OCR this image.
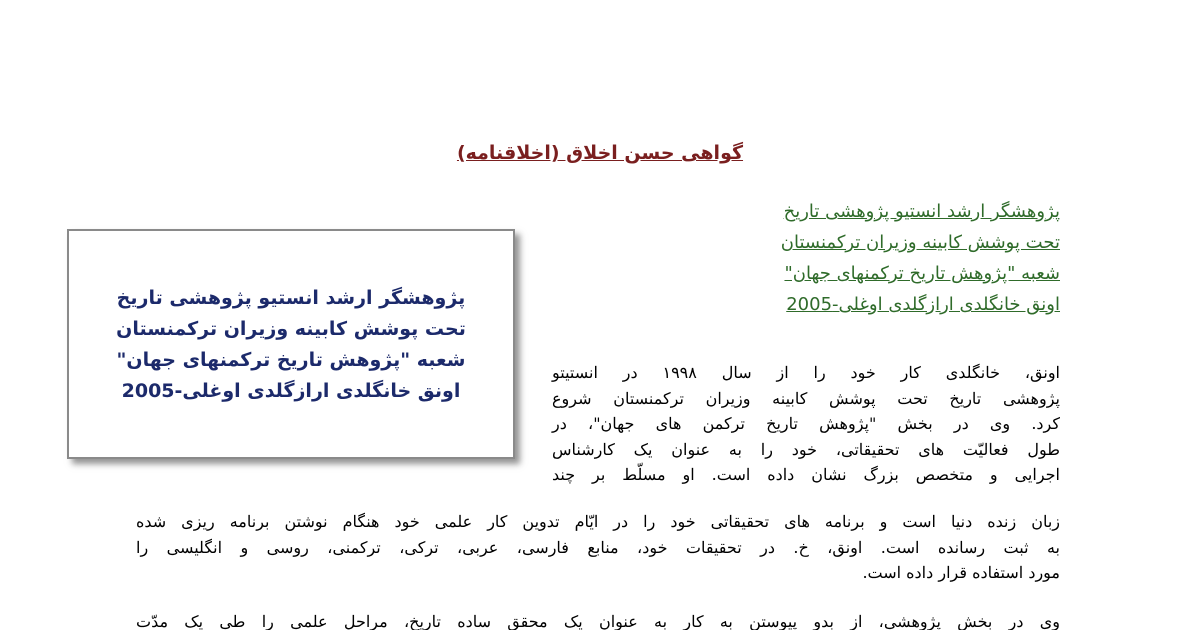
گواهی حسن اخلاق (اخلاقنامه)
پژوهشگر ارشد انستیو پژوهشی تاریخ
تحت پوشش کابینه وزیران ترکمنستان
شعبه "پژوهش تاریخ ترکمنهای جهان"
اونق خانگلدی ارازگلدی اوغلی-2005
پژوهشگر ارشد انستیو پژوهشی تاریخ
تحت پوشش کابینه وزیران ترکمنستان
شعبه "پژوهش تاریخ ترکمنهای جهان"
اونق خانگلدی ارازگلدی اوغلی-2005
اونق، خانگلدی کار خود را از سال ۱۹۹۸ در انستیتو
پژوهشی تاریخ تحت پوشش کابینه وزیران ترکمنستان شروع
کرد. وی در بخش "پژوهش تاریخ ترکمن های جهان"، در
طول فعالیّت های تحقیقاتی، خود را به عنوان یک کارشناس
اجرایی و متخصص بزرگ نشان داده است. او مسلّط بر چند
زبان زنده دنیا است و برنامه های تحقیقاتی خود را در ایّام تدوین کار علمی خود هنگام نوشتن برنامه ریزی شده
به ثبت رسانده است. اونق، خ. در تحقیقات خود، منابع فارسی، عربی، ترکی، ترکمنی، روسی و انگلیسی را
مورد استفاده قرار داده است.
وی در بخش پژوهشی، از بدو پیوستن به کار به عنوان یک محقق ساده تاریخ، مراحل علمی را طی یک مدّت
